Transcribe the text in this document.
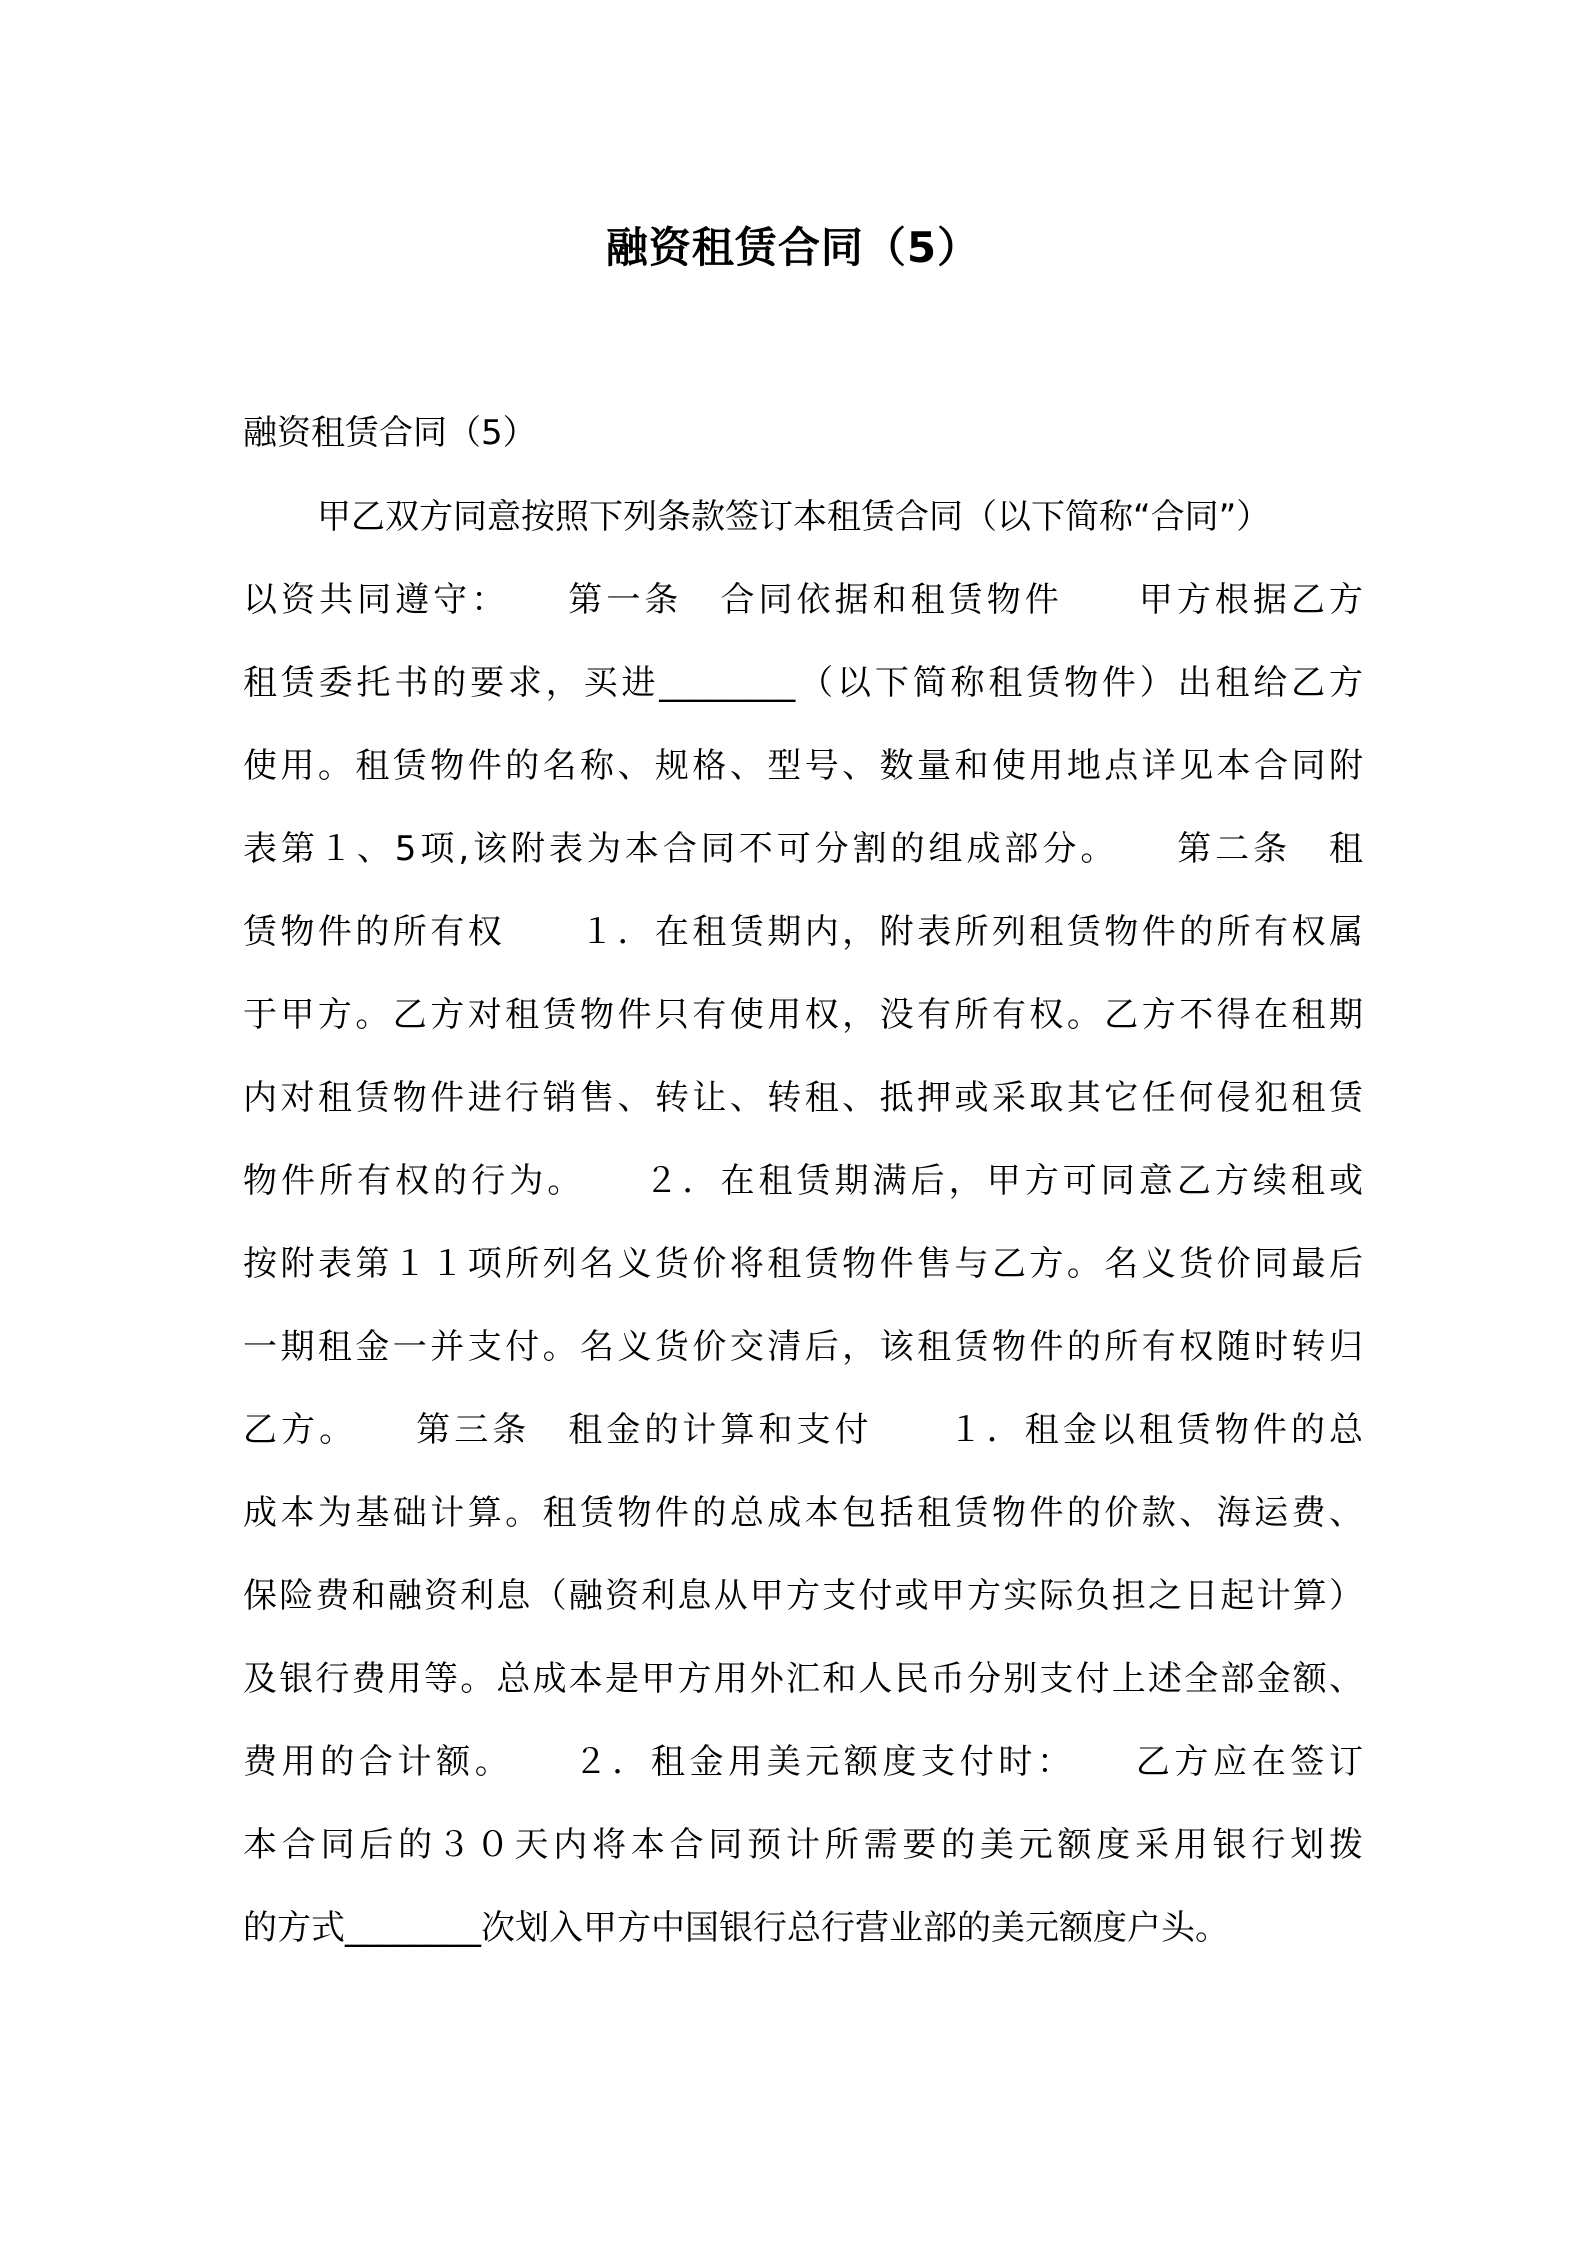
融资租赁合同（5）
融资租赁合同（5）
甲乙双方同意按照下列条款签订本租赁合同（以下简称“合同”）
以资共同遵守：　　第一条　合同依据和租赁物件　　甲方根据乙方
租赁委托书的要求，买进________（以下简称租赁物件）出租给乙方
使用。租赁物件的名称、规格、型号、数量和使用地点详见本合同附
表第１、5项,该附表为本合同不可分割的组成部分。　　第二条　租
赁物件的所有权　　１．在租赁期内，附表所列租赁物件的所有权属
于甲方。乙方对租赁物件只有使用权，没有所有权。乙方不得在租期
内对租赁物件进行销售、转让、转租、抵押或采取其它任何侵犯租赁
物件所有权的行为。　　２．在租赁期满后，甲方可同意乙方续租或
按附表第１１项所列名义货价将租赁物件售与乙方。名义货价同最后
一期租金一并支付。名义货价交清后，该租赁物件的所有权随时转归
乙方。　　第三条　租金的计算和支付　　１．租金以租赁物件的总
成本为基础计算。租赁物件的总成本包括租赁物件的价款、海运费、
保险费和融资利息（融资利息从甲方支付或甲方实际负担之日起计算）
及银行费用等。总成本是甲方用外汇和人民币分别支付上述全部金额、
费用的合计额。　　２．租金用美元额度支付时：　　乙方应在签订
本合同后的３０天内将本合同预计所需要的美元额度采用银行划拨
的方式________次划入甲方中国银行总行营业部的美元额度户头。
